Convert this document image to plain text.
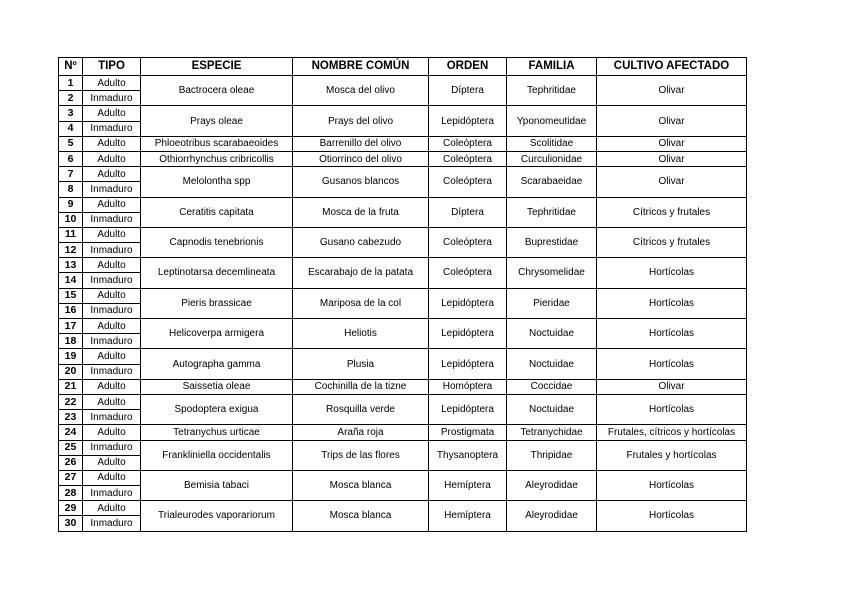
Nº	TIPO	ESPECIE	NOMBRE COMÚN	ORDEN	FAMILIA	CULTIVO AFECTADO
1	Adulto	Bactrocera oleae	Mosca del olivo	Díptera	Tephritidae	Olivar
2	Inmaduro					
3	Adulto	Prays oleae	Prays del olivo	Lepidóptera	Yponomeutidae	Olivar
4	Inmaduro					
5	Adulto	Phloeotribus scarabaeoides	Barrenillo del olivo	Coleóptera	Scolitidae	Olivar
6	Adulto	Othiorrhynchus cribricollis	Otiorrinco del olivo	Coleóptera	Curculionidae	Olivar
7	Adulto	Melolontha spp	Gusanos blancos	Coleóptera	Scarabaeidae	Olivar
8	Inmaduro					
9	Adulto	Ceratitis capitata	Mosca de la fruta	Díptera	Tephritidae	Cítricos y frutales
10	Inmaduro					
11	Adulto	Capnodis tenebrionis	Gusano cabezudo	Coleóptera	Buprestidae	Cítricos y frutales
12	Inmaduro					
13	Adulto	Leptinotarsa decemlineata	Escarabajo de la patata	Coleóptera	Chrysomelidae	Hortícolas
14	Inmaduro					
15	Adulto	Pieris brassicae	Mariposa de la col	Lepidóptera	Pieridae	Hortícolas
16	Inmaduro					
17	Adulto	Helicoverpa armigera	Heliotis	Lepidóptera	Noctuidae	Hortícolas
18	Inmaduro					
19	Adulto	Autographa gamma	Plusia	Lepidóptera	Noctuidae	Hortícolas
20	Inmaduro					
21	Adulto	Saissetia oleae	Cochinilla de la tizne	Homóptera	Coccidae	Olivar
22	Adulto	Spodoptera exigua	Rosquilla verde	Lepidóptera	Noctuidae	Hortícolas
23	Inmaduro					
24	Adulto	Tetranychus urticae	Araña roja	Prostigmata	Tetranychidae	Frutales, cítricos y hortícolas
25	Inmaduro	Frankliniella occidentalis	Trips de las flores	Thysanoptera	Thripidae	Frutales y hortícolas
26	Adulto					
27	Adulto	Bemisia tabaci	Mosca blanca	Hemíptera	Aleyrodidae	Hortícolas
28	Inmaduro					
29	Adulto	Trialeurodes vaporariorum	Mosca blanca	Hemíptera	Aleyrodidae	Hortícolas
30	Inmaduro					
